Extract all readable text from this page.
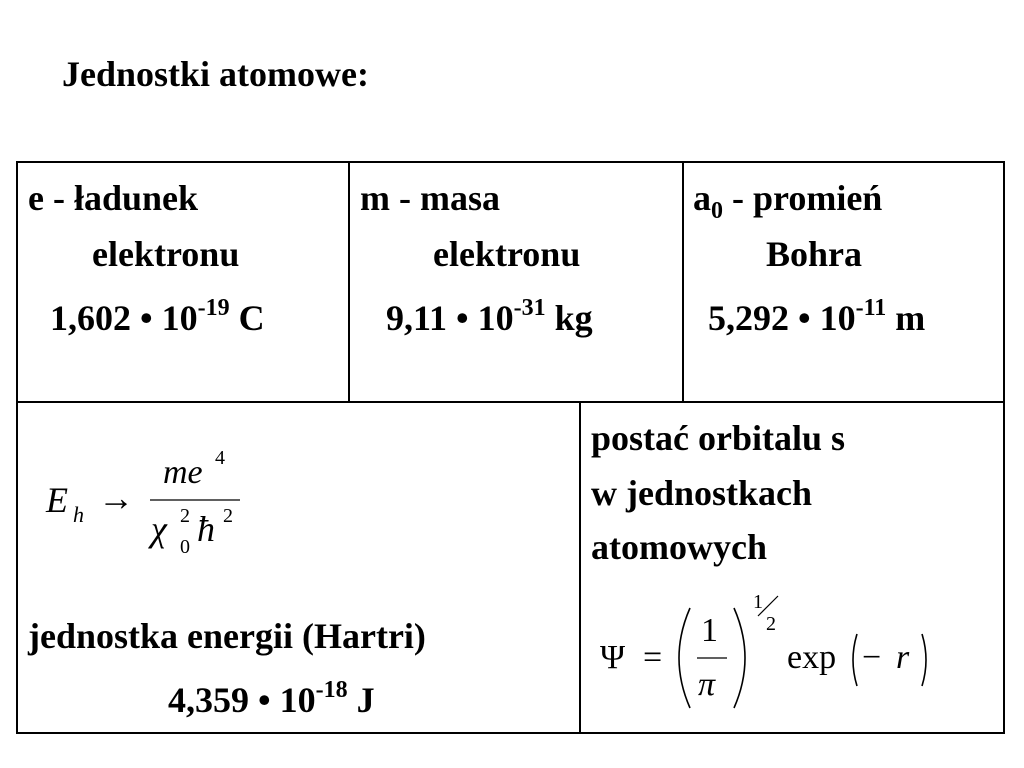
Jednostki atomowe:
e - ładunek
elektronu
1,602 • $10^{-19}$ C
m - masa
elektronu
9,11 • $10^{-31}$ kg
$a_0$ - promień
Bohra
5,292 • $10^{-11}$ m
E h →
me 4
χ 2
0 ħ 2
jednostka energii (Hartri)
4,359 • $10^{-18}$ J
postać orbitalu s
w jednostkach
atomowych
Ψ =
1
π
1
2
exp − r
